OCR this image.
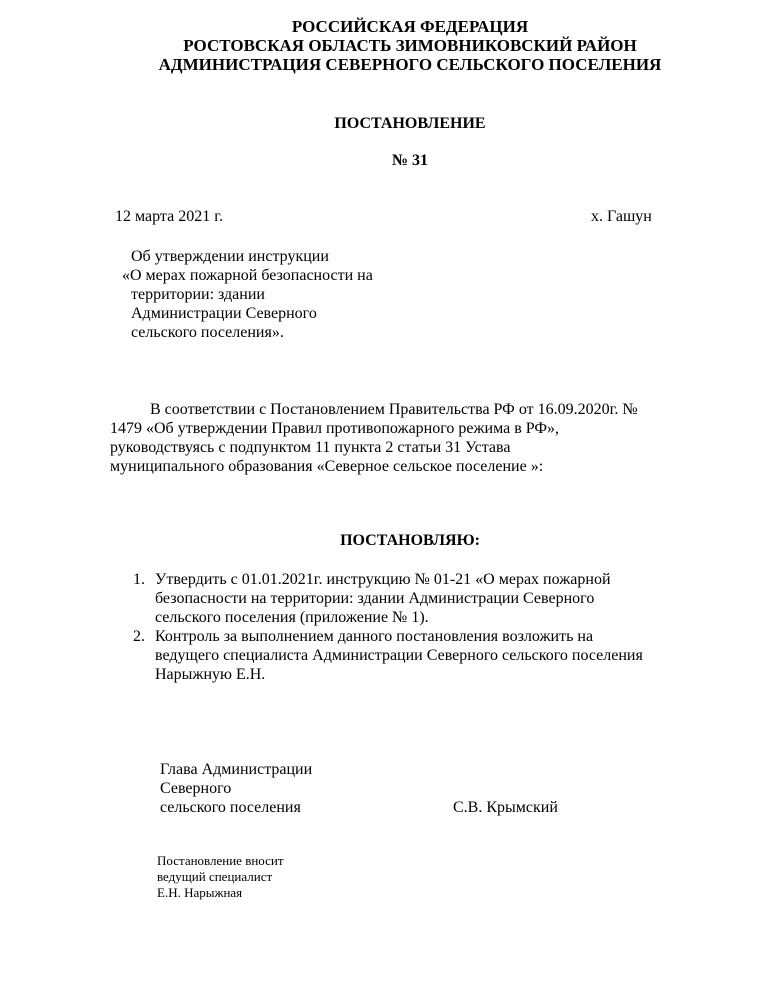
РОССИЙСКАЯ ФЕДЕРАЦИЯ
РОСТОВСКАЯ ОБЛАСТЬ ЗИМОВНИКОВСКИЙ РАЙОН
АДМИНИСТРАЦИЯ СЕВЕРНОГО СЕЛЬСКОГО ПОСЕЛЕНИЯ
ПОСТАНОВЛЕНИЕ
№ 31
12 марта 2021 г.	х. Гашун
Об утверждении инструкции
«О мерах пожарной безопасности на
территории: здании
Администрации Северного
сельского поселения».
В соответствии с Постановлением Правительства РФ от 16.09.2020г. №
1479 «Об утверждении Правил противопожарного режима в РФ»,
руководствуясь с подпунктом 11 пункта 2 статьи 31 Устава
муниципального образования «Северное сельское поселение »:
ПОСТАНОВЛЯЮ:
1. Утвердить с 01.01.2021г. инструкцию № 01-21 «О мерах пожарной
безопасности на территории: здании Администрации Северного
сельского поселения (приложение № 1).
2. Контроль за выполнением данного постановления возложить на
ведущего специалиста Администрации Северного сельского поселения
Нарыжную Е.Н.
Глава Администрации
Северного
сельского поселения	С.В. Крымский
Постановление вносит
ведущий специалист
Е.Н. Нарыжная
